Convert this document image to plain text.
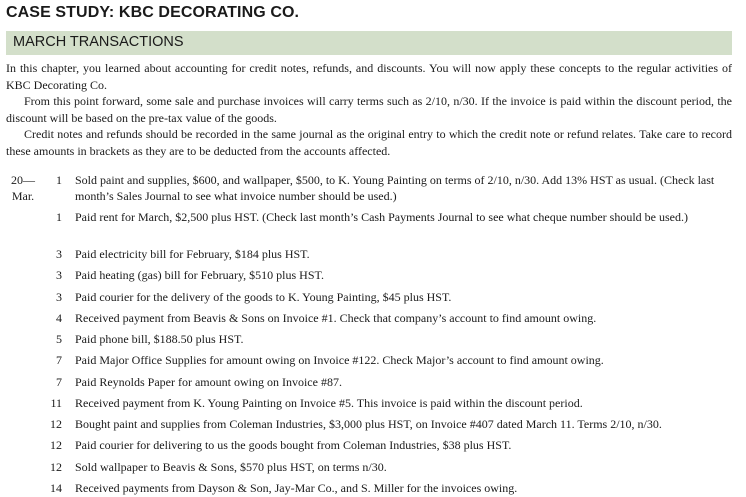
CASE STUDY: KBC DECORATING CO.
MARCH TRANSACTIONS

In this chapter, you learned about accounting for credit notes, refunds, and discounts. You will now apply these concepts to the regular activities of KBC Decorating Co.

From this point forward, some sale and purchase invoices will carry terms such as 2/10, n/30. If the invoice is paid within the discount period, the discount will be based on the pre-tax value of the goods.

Credit notes and refunds should be recorded in the same journal as the original entry to which the credit note or refund relates. Take care to record these amounts in brackets as they are to be deducted from the accounts affected.

20—
Mar.
1 Sold paint and supplies, $600, and wallpaper, $500, to K. Young Painting on terms of 2/10, n/30. Add 13% HST as usual. (Check last month’s Sales Journal to see what invoice number should be used.)
1 Paid rent for March, $2,500 plus HST. (Check last month’s Cash Payments Journal to see what cheque number should be used.)
3 Paid electricity bill for February, $184 plus HST.
3 Paid heating (gas) bill for February, $510 plus HST.
3 Paid courier for the delivery of the goods to K. Young Painting, $45 plus HST.
4 Received payment from Beavis & Sons on Invoice #1. Check that company’s account to find amount owing.
5 Paid phone bill, $188.50 plus HST.
7 Paid Major Office Supplies for amount owing on Invoice #122. Check Major’s account to find amount owing.
7 Paid Reynolds Paper for amount owing on Invoice #87.
11 Received payment from K. Young Painting on Invoice #5. This invoice is paid within the discount period.
12 Bought paint and supplies from Coleman Industries, $3,000 plus HST, on Invoice #407 dated March 11. Terms 2/10, n/30.
12 Paid courier for delivering to us the goods bought from Coleman Industries, $38 plus HST.
12 Sold wallpaper to Beavis & Sons, $570 plus HST, on terms n/30.
14 Received payments from Dayson & Son, Jay-Mar Co., and S. Miller for the invoices owing.
